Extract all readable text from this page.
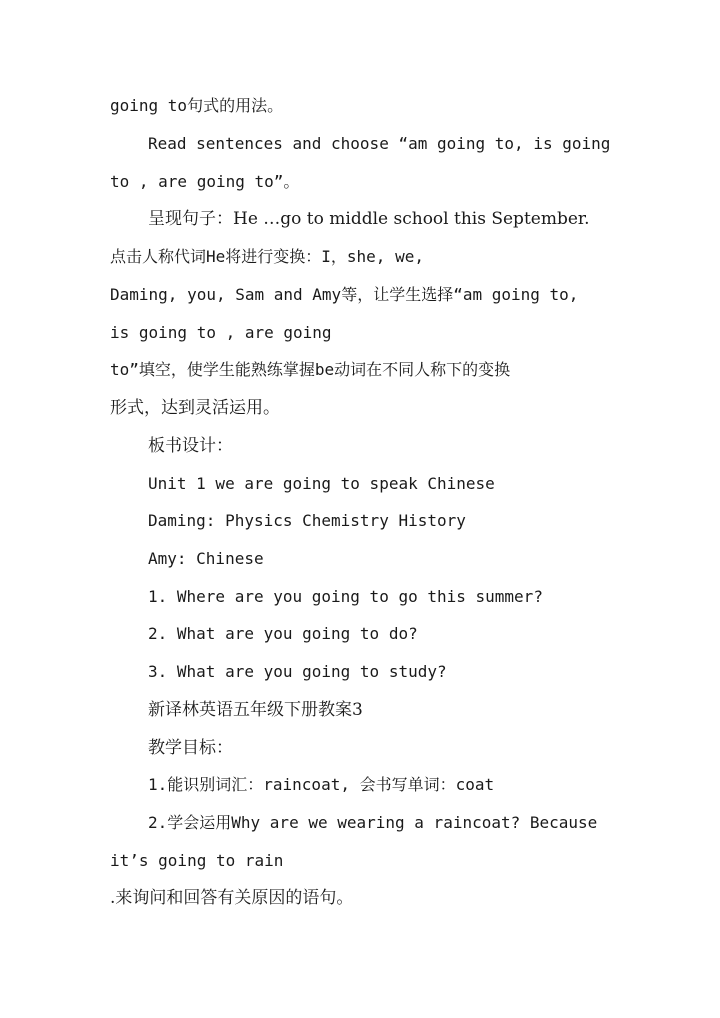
going to句式的用法。
Read sentences and choose “am going to, is going
to , are going to”。
呈现句子：He …go to middle school this September.
点击人称代词He将进行变换：I，she, we,
Daming, you, Sam and Amy等，让学生选择“am going to,
is going to , are going
to”填空，使学生能熟练掌握be动词在不同人称下的变换
形式，达到灵活运用。
板书设计：
Unit 1 we are going to speak Chinese
Daming: Physics Chemistry History
Amy: Chinese
1. Where are you going to go this summer?
2. What are you going to do?
3. What are you going to study?
新译林英语五年级下册教案3
教学目标：
1.能识别词汇：raincoat, 会书写单词：coat
2.学会运用Why are we wearing a raincoat? Because
it’s going to rain
.来询问和回答有关原因的语句。
